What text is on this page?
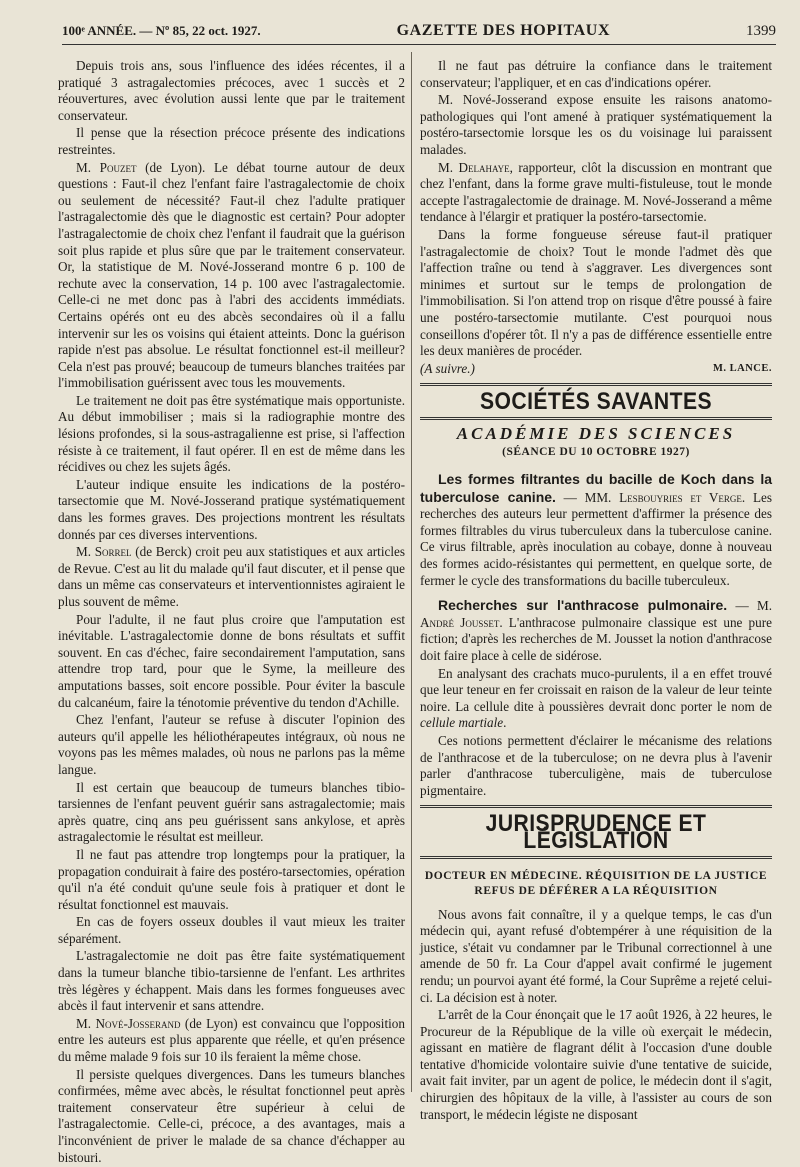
100ᵉ ANNÉE. — Nº 85, 22 oct. 1927.	GAZETTE DES HOPITAUX	1399

Depuis trois ans, sous l'influence des idées récentes, il a pratiqué 3 astragalectomies précoces, avec 1 succès et 2 réouvertures, avec évolution aussi lente que par le traitement conservateur.

Il pense que la résection précoce présente des indications restreintes.

M. Pouzet (de Lyon). Le débat tourne autour de deux questions : Faut-il chez l'enfant faire l'astragalectomie de choix ou seulement de nécessité? Faut-il chez l'adulte pratiquer l'astragalectomie dès que le diagnostic est certain? Pour adopter l'astragalectomie de choix chez l'enfant il faudrait que la guérison soit plus rapide et plus sûre que par le traitement conservateur. Or, la statistique de M. Nové-Josserand montre 6 p. 100 de rechute avec la conservation, 14 p. 100 avec l'astragalectomie. Celle-ci ne met donc pas à l'abri des accidents immédiats. Certains opérés ont eu des abcès secondaires où il a fallu intervenir sur les os voisins qui étaient atteints. Donc la guérison rapide n'est pas absolue. Le résultat fonctionnel est-il meilleur? Cela n'est pas prouvé; beaucoup de tumeurs blanches traitées par l'immobilisation guérissent avec tous les mouvements.

Le traitement ne doit pas être systématique mais opportuniste. Au début immobiliser ; mais si la radiographie montre des lésions profondes, si la sous-astragalienne est prise, si l'affection résiste à ce traitement, il faut opérer. Il en est de même dans les récidives ou chez les sujets âgés.

L'auteur indique ensuite les indications de la postéro-tarsectomie que M. Nové-Josserand pratique systématiquement dans les formes graves. Des projections montrent les résultats donnés par ces diverses interventions.

M. Sorrel (de Berck) croit peu aux statistiques et aux articles de Revue. C'est au lit du malade qu'il faut discuter, et il pense que dans un même cas conservateurs et interventionnistes agiraient le plus souvent de même.

Pour l'adulte, il ne faut plus croire que l'amputation est inévitable. L'astragalectomie donne de bons résultats et suffit souvent. En cas d'échec, faire secondairement l'amputation, sans attendre trop tard, pour que le Syme, la meilleure des amputations basses, soit encore possible. Pour éviter la bascule du calcanéum, faire la ténotomie préventive du tendon d'Achille.

Chez l'enfant, l'auteur se refuse à discuter l'opinion des auteurs qu'il appelle les héliothérapeutes intégraux, où nous ne voyons pas les mêmes malades, où nous ne parlons pas la même langue.

Il est certain que beaucoup de tumeurs blanches tibio-tarsiennes de l'enfant peuvent guérir sans astragalectomie; mais après quatre, cinq ans peu guérissent sans ankylose, et après astragalectomie le résultat est meilleur.

Il ne faut pas attendre trop longtemps pour la pratiquer, la propagation conduirait à faire des postéro-tarsectomies, opération qu'il n'a été conduit qu'une seule fois à pratiquer et dont le résultat fonctionnel est mauvais.

En cas de foyers osseux doubles il vaut mieux les traiter séparément.

L'astragalectomie ne doit pas être faite systématiquement dans la tumeur blanche tibio-tarsienne de l'enfant. Les arthrites très légères y échappent. Mais dans les formes fongueuses avec abcès il faut intervenir et sans attendre.

M. Nové-Josserand (de Lyon) est convaincu que l'opposition entre les auteurs est plus apparente que réelle, et qu'en présence du même malade 9 fois sur 10 ils feraient la même chose.

Il persiste quelques divergences. Dans les tumeurs blanches confirmées, même avec abcès, le résultat fonctionnel peut après traitement conservateur être supérieur à celui de l'astragalectomie. Celle-ci, précoce, a des avantages, mais a l'inconvénient de priver le malade de sa chance d'échapper au bistouri.

Il ne faut pas détruire la confiance dans le traitement conservateur; l'appliquer, et en cas d'indications opérer.

M. Nové-Josserand expose ensuite les raisons anatomo-pathologiques qui l'ont amené à pratiquer systématiquement la postéro-tarsectomie lorsque les os du voisinage lui paraissent malades.

M. Delahaye, rapporteur, clôt la discussion en montrant que chez l'enfant, dans la forme grave multi-fistuleuse, tout le monde accepte l'astragalectomie de drainage. M. Nové-Josserand a même tendance à l'élargir et pratiquer la postéro-tarsectomie.

Dans la forme fongueuse séreuse faut-il pratiquer l'astragalectomie de choix? Tout le monde l'admet dès que l'affection traîne ou tend à s'aggraver. Les divergences sont minimes et surtout sur le temps de prolongation de l'immobilisation. Si l'on attend trop on risque d'être poussé à faire une postéro-tarsectomie mutilante. C'est pourquoi nous conseillons d'opérer tôt. Il n'y a pas de différence essentielle entre les deux manières de procéder.

(A suivre.)	M. LANCE.
SOCIÉTÉS SAVANTES
ACADÉMIE DES SCIENCES
(SÉANCE DU 10 OCTOBRE 1927)

Les formes filtrantes du bacille de Koch dans la tuberculose canine. — MM. Lesbouyries et Verge. Les recherches des auteurs leur permettent d'affirmer la présence des formes filtrables du virus tuberculeux dans la tuberculose canine. Ce virus filtrable, après inoculation au cobaye, donne à nouveau des formes acido-résistantes qui permettent, en quelque sorte, de fermer le cycle des transformations du bacille tuberculeux.

Recherches sur l'anthracose pulmonaire. — M. André Jousset. L'anthracose pulmonaire classique est une pure fiction; d'après les recherches de M. Jousset la notion d'anthracose doit faire place à celle de sidérose.

En analysant des crachats muco-purulents, il a en effet trouvé que leur teneur en fer croissait en raison de la valeur de leur teinte noire. La cellule dite à poussières devrait donc porter le nom de cellule martiale.

Ces notions permettent d'éclairer le mécanisme des relations de l'anthracose et de la tuberculose; on ne devra plus à l'avenir parler d'anthracose tuberculigène, mais de tuberculose pigmentaire.

JURISPRUDENCE ET LÉGISLATION
DOCTEUR EN MÉDECINE. RÉQUISITION DE LA JUSTICE REFUS DE DÉFÉRER A LA RÉQUISITION

Nous avons fait connaître, il y a quelque temps, le cas d'un médecin qui, ayant refusé d'obtempérer à une réquisition de la justice, s'était vu condamner par le Tribunal correctionnel à une amende de 50 fr. La Cour d'appel avait confirmé le jugement rendu; un pourvoi ayant été formé, la Cour Suprême a rejeté celui-ci. La décision est à noter.

L'arrêt de la Cour énonçait que le 17 août 1926, à 22 heures, le Procureur de la République de la ville où exerçait le médecin, agissant en matière de flagrant délit à l'occasion d'une double tentative d'homicide volontaire suivie d'une tentative de suicide, avait fait inviter, par un agent de police, le médecin dont il s'agit, chirurgien des hôpitaux de la ville, à l'assister au cours de son transport, le médecin légiste ne disposant
